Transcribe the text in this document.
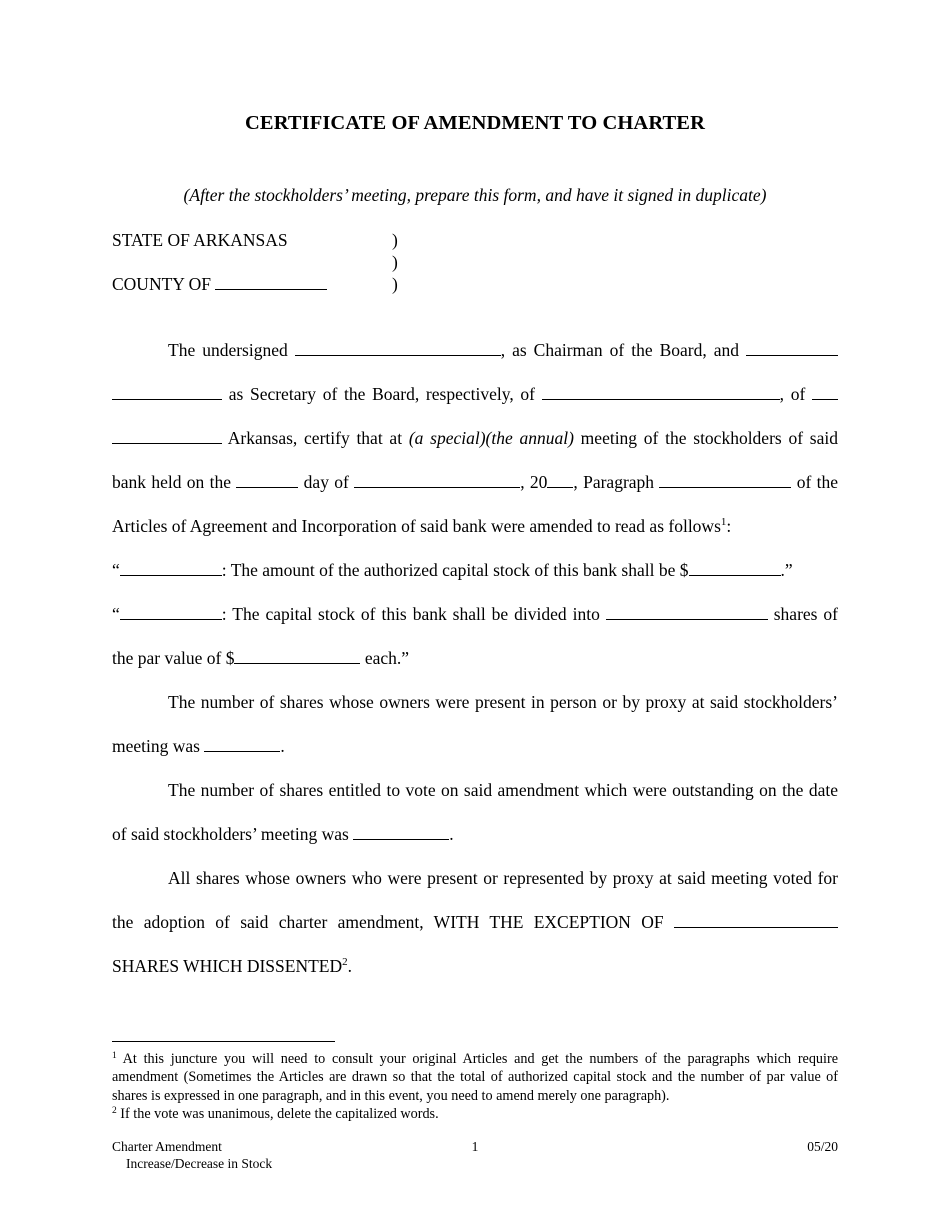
CERTIFICATE OF AMENDMENT TO CHARTER
(After the stockholders’ meeting, prepare this form, and have it signed in duplicate)
STATE OF ARKANSAS	)
)
COUNTY OF	)
The undersigned	, as Chairman of the Board, and   as Secretary of the Board, respectively, of	, of   Arkansas, certify that at (a special)(the annual) meeting of the stockholders of said bank held on the	day of	, 20 , Paragraph	of the Articles of Agreement and Incorporation of said bank were amended to read as follows$^1$:
“	: The amount of the authorized capital stock of this bank shall be $	.”
“	: The capital stock of this bank shall be divided into	shares of the par value of $	each.”
The number of shares whose owners were present in person or by proxy at said stockholders’ meeting was	.
The number of shares entitled to vote on said amendment which were outstanding on the date of said stockholders’ meeting was	.
All shares whose owners who were present or represented by proxy at said meeting voted for the adoption of said charter amendment, WITH THE EXCEPTION OF  SHARES WHICH DISSENTED$^2$.
$^1$ At this juncture you will need to consult your original Articles and get the numbers of the paragraphs which require amendment (Sometimes the Articles are drawn so that the total of authorized capital stock and the number of par value of shares is expressed in one paragraph, and in this event, you need to amend merely one paragraph).
$^2$ If the vote was unanimous, delete the capitalized words.
Charter Amendment
Increase/Decrease in Stock
1	05/20
